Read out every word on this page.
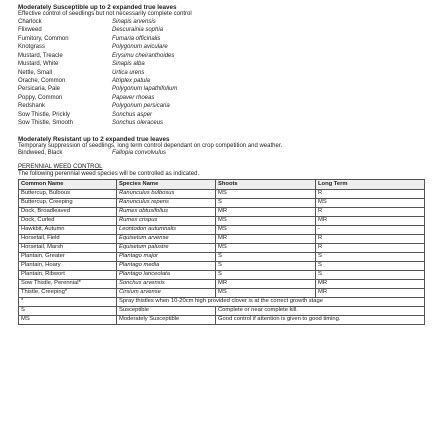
Moderately Susceptible up to 2 expanded true leaves
Effective control of seedlings but not necessarily complete control
Charlock	Sinapis arvensis
Flixweed	Descurainia sophia
Fumitory, Common	Fumaria officinalis
Knotgrass	Polygonum aviculare
Mustard, Treacle	Erysimu cheiranthoides
Mustard, White	Sinapis alba
Nettle, Small	Urtica urens
Orache, Common	Atriplex patula
Persicaria, Pale	Polygonum lapathifolium
Poppy, Common	Papaver rhoeas
Redshank	Polygonum persicaria
Sow Thistle, Prickly	Sonchus asper
Sow Thistle, Smooth	Sonchus oleraceus
Moderately Resistant up to 2 expanded true leaves
Temporary suppression of seedlings, long term control dependant on crop competition and weather.
Bindweed, Black	Fallopia convolvulus
PERENNIAL WEED CONTROL
The following perennial weed species will be controlled as indicated.
Common Name	Species Name	Shoots	Long Term
Buttercup, Bulbous	Ranunculus bulbosus	MS	R
Buttercup, Creeping	Ranunculus repens	S	MS
Dock, Broadleaved	Rumex obtusifolius	MR	R
Dock, Curled	Rumex crispus	MS	MR
Hawkbit, Autumn	Leontodon autumnalis	MS	-
Horsetail, Field	Equisetum arvense	MR	R
Horsetail, Marsh	Equisetum palustre	MS	R
Plantain, Greater	Plantago major	S	S
Plantain, Hoary	Plantago media	S	S
Plantain, Ribwort	Plantago lanceolata	S	S
Sow Thistle, Perennial*	Sonchus arvensis	MR	MR
Thistle, Creeping*	Cirsium arvense	MS	MR
*	Spray thistles when 10-20cm high provided clover is at the correct growth stage		
S	Susceptible	Complete or near complete kill.	
MS	Moderately Susceptible	Good control if attention is given to good timing.	
